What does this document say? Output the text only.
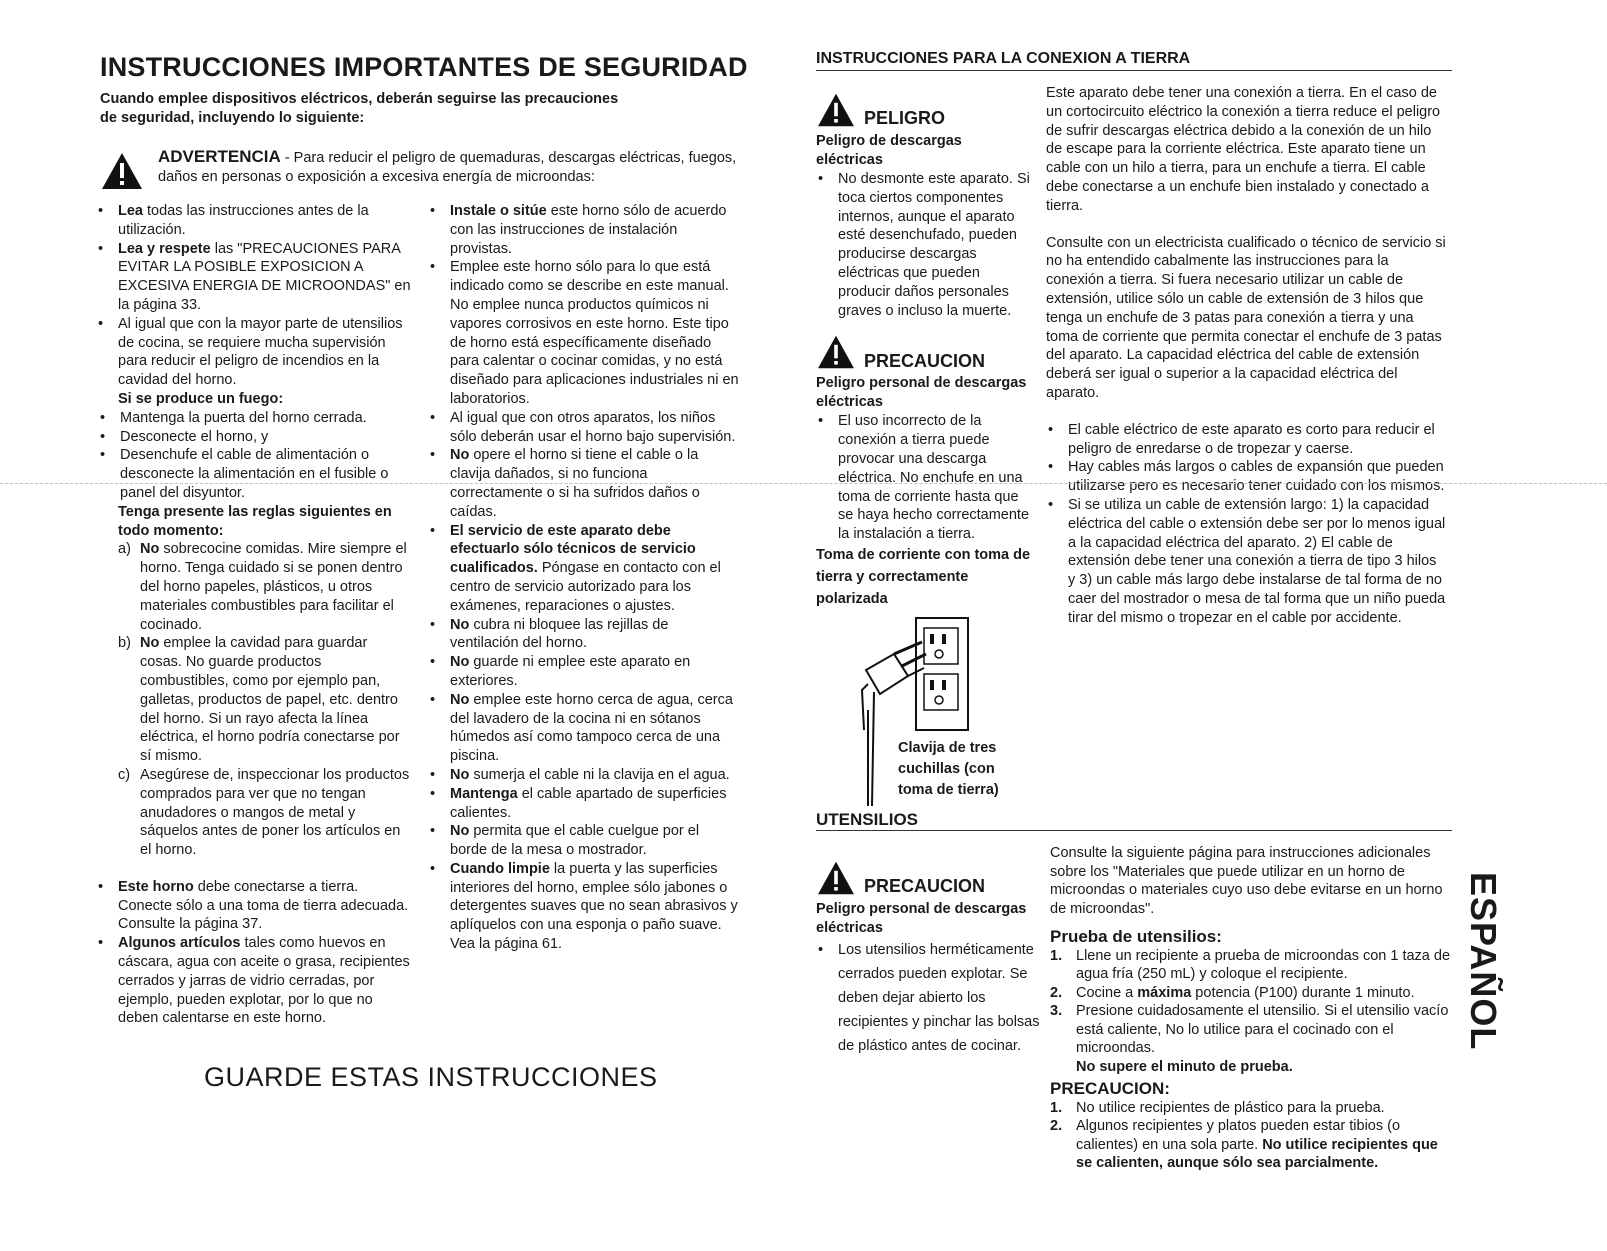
INSTRUCCIONES IMPORTANTES DE SEGURIDAD
Cuando emplee dispositivos eléctricos, deberán seguirse las precauciones de seguridad, incluyendo lo siguiente:
ADVERTENCIA - Para reducir el peligro de quemaduras, descargas eléctricas, fuegos, daños en personas o exposición a excesiva energía de microondas:
• Lea todas las instrucciones antes de la utilización.
• Lea y respete las "PRECAUCIONES PARA EVITAR LA POSIBLE EXPOSICION A EXCESIVA ENERGIA DE MICROONDAS" en la página 33.
• Al igual que con la mayor parte de utensilios de cocina, se requiere mucha supervisión para reducir el peligro de incendios en la cavidad del horno.
Si se produce un fuego:
• Mantenga la puerta del horno cerrada.
• Desconecte el horno, y
• Desenchufe el cable de alimentación o desconecte la alimentación en el fusible o panel del disyuntor.
Tenga presente las reglas siguientes en todo momento:
a) No sobrecocine comidas. Mire siempre el horno. Tenga cuidado si se ponen dentro del horno papeles, plásticos, u otros materiales combustibles para facilitar el cocinado.
b) No emplee la cavidad para guardar cosas. No guarde productos combustibles, como por ejemplo pan, galletas, productos de papel, etc. dentro del horno. Si un rayo afecta la línea eléctrica, el horno podría conectarse por sí mismo.
c) Asegúrese de, inspeccionar los productos comprados para ver que no tengan anudadores o mangos de metal y sáquelos antes de poner los artículos en el horno.
• Este horno debe conectarse a tierra. Conecte sólo a una toma de tierra adecuada. Consulte la página 37.
• Algunos artículos tales como huevos en cáscara, agua con aceite o grasa, recipientes cerrados y jarras de vidrio cerradas, por ejemplo, pueden explotar, por lo que no deben calentarse en este horno.
• Instale o sitúe este horno sólo de acuerdo con las instrucciones de instalación provistas.
• Emplee este horno sólo para lo que está indicado como se describe en este manual. No emplee nunca productos químicos ni vapores corrosivos en este horno. Este tipo de horno está específicamente diseñado para calentar o cocinar comidas, y no está diseñado para aplicaciones industriales ni en laboratorios.
• Al igual que con otros aparatos, los niños sólo deberán usar el horno bajo supervisión.
• No opere el horno si tiene el cable o la clavija dañados, si no funciona correctamente o si ha sufridos daños o caídas.
• El servicio de este aparato debe efectuarlo sólo técnicos de servicio cualificados. Póngase en contacto con el centro de servicio autorizado para los exámenes, reparaciones o ajustes.
• No cubra ni bloquee las rejillas de ventilación del horno.
• No guarde ni emplee este aparato en exteriores.
• No emplee este horno cerca de agua, cerca del lavadero de la cocina ni en sótanos húmedos así como tampoco cerca de una piscina.
• No sumerja el cable ni la clavija en el agua.
• Mantenga el cable apartado de superficies calientes.
• No permita que el cable cuelgue por el borde de la mesa o mostrador.
• Cuando limpie la puerta y las superficies interiores del horno, emplee sólo jabones o detergentes suaves que no sean abrasivos y aplíquelos con una esponja o paño suave. Vea la página 61.
GUARDE ESTAS INSTRUCCIONES
INSTRUCCIONES PARA LA CONEXION A TIERRA
PELIGRO
Peligro de descargas eléctricas
• No desmonte este aparato. Si toca ciertos componentes internos, aunque el aparato esté desenchufado, pueden producirse descargas eléctricas que pueden producir daños personales graves o incluso la muerte.
PRECAUCION
Peligro personal de descargas eléctricas
• El uso incorrecto de la conexión a tierra puede provocar una descarga eléctrica. No enchufe en una toma de corriente hasta que se haya hecho correctamente la instalación a tierra.
Toma de corriente con toma de tierra y correctamente polarizada
Clavija de tres cuchillas (con toma de tierra)

Este aparato debe tener una conexión a tierra. En el caso de un cortocircuito eléctrico la conexión a tierra reduce el peligro de sufrir descargas eléctrica debido a la conexión de un hilo de escape para la corriente eléctrica. Este aparato tiene un cable con un hilo a tierra, para un enchufe a tierra. El cable debe conectarse a un enchufe bien instalado y conectado a tierra.

Consulte con un electricista cualificado o técnico de servicio si no ha entendido cabalmente las instrucciones para la conexión a tierra. Si fuera necesario utilizar un cable de extensión, utilice sólo un cable de extensión de 3 hilos que tenga un enchufe de 3 patas para conexión a tierra y una toma de corriente que permita conectar el enchufe de 3 patas del aparato. La capacidad eléctrica del cable de extensión deberá ser igual o superior a la capacidad eléctrica del aparato.

• El cable eléctrico de este aparato es corto para reducir el peligro de enredarse o de tropezar y caerse.
• Hay cables más largos o cables de expansión que pueden utilizarse pero es necesario tener cuidado con los mismos.
• Si se utiliza un cable de extensión largo: 1) la capacidad eléctrica del cable o extensión debe ser por lo menos igual a la capacidad eléctrica del aparato. 2) El cable de extensión debe tener una conexión a tierra de tipo 3 hilos y 3) un cable más largo debe instalarse de tal forma de no caer del mostrador o mesa de tal forma que un niño pueda tirar del mismo o tropezar en el cable por accidente.
UTENSILIOS
PRECAUCION
Peligro personal de descargas eléctricas
• Los utensilios herméticamente cerrados pueden explotar. Se deben dejar abierto los recipientes y pinchar las bolsas de plástico antes de cocinar.

Consulte la siguiente página para instrucciones adicionales sobre los "Materiales que puede utilizar en un horno de microondas o materiales cuyo uso debe evitarse en un horno de microondas".

Prueba de utensilios:
1. Llene un recipiente a prueba de microondas con 1 taza de agua fría (250 mL) y coloque el recipiente.
2. Cocine a máxima potencia (P100) durante 1 minuto.
3. Presione cuidadosamente el utensilio. Si el utensilio vacío está caliente, No lo utilice para el cocinado con el microondas.
No supere el minuto de prueba.
PRECAUCION:
1. No utilice recipientes de plástico para la prueba.
2. Algunos recipientes y platos pueden estar tibios (o calientes) en una sola parte. No utilice recipientes que se calienten, aunque sólo sea parcialmente.
ESPAÑOL
